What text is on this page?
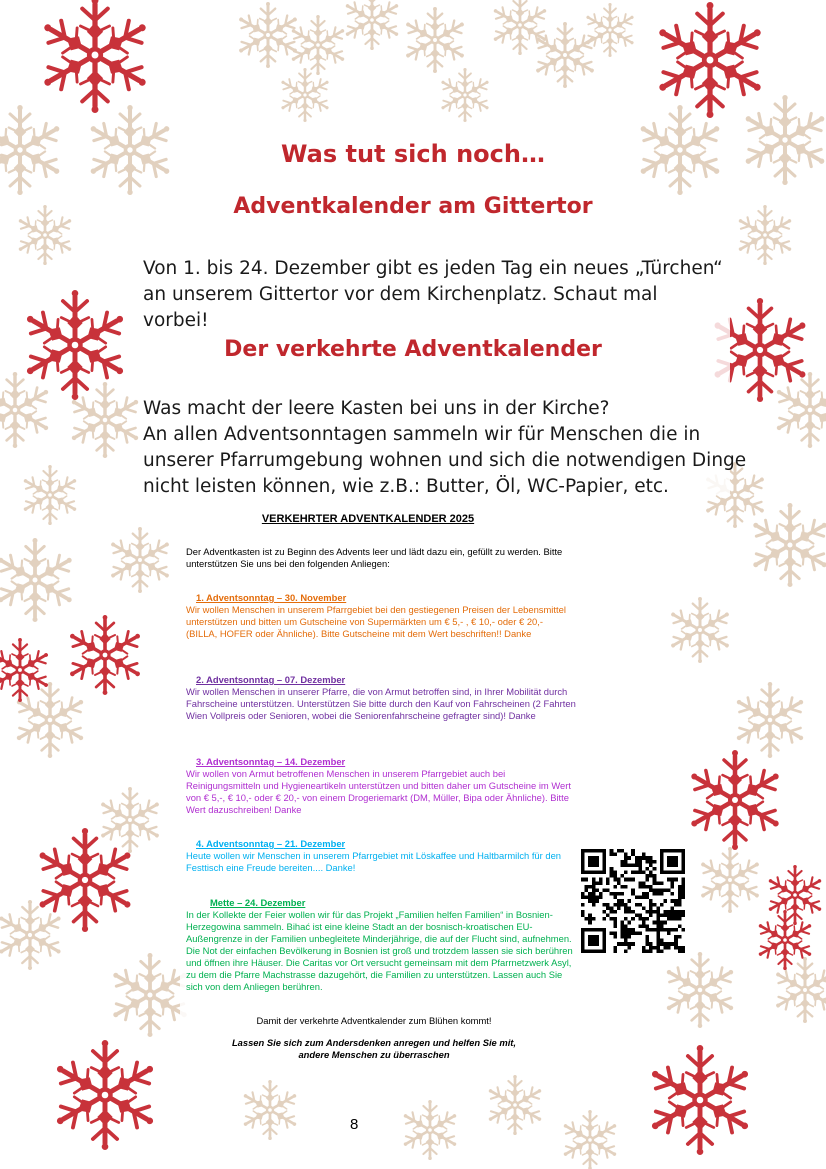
Was tut sich noch…
Adventkalender am Gittertor
Von 1. bis 24. Dezember gibt es jeden Tag ein neues „Türchen“ an unserem Gittertor vor dem Kirchenplatz. Schaut mal vorbei!
Der verkehrte Adventkalender
Was macht der leere Kasten bei uns in der Kirche?
An allen Adventsonntagen sammeln wir für Menschen die in
unserer Pfarrumgebung wohnen und sich die notwendigen Dinge
nicht leisten können, wie z.B.: Butter, Öl, WC-Papier, etc.
VERKEHRTER ADVENTKALENDER 2025
Der Adventkasten ist zu Beginn des Advents leer und lädt dazu ein, gefüllt zu werden. Bitte unterstützen Sie uns bei den folgenden Anliegen:
1. Adventsonntag – 30. November
Wir wollen Menschen in unserem Pfarrgebiet bei den gestiegenen Preisen der Lebensmittel unterstützen und bitten um Gutscheine von Supermärkten um € 5,- , € 10,- oder € 20,- (BILLA, HOFER oder Ähnliche). Bitte Gutscheine mit dem Wert beschriften!! Danke
2. Adventsonntag – 07. Dezember
Wir wollen Menschen in unserer Pfarre, die von Armut betroffen sind, in Ihrer Mobilität durch Fahrscheine unterstützen. Unterstützen Sie bitte durch den Kauf von Fahrscheinen (2 Fahrten Wien Vollpreis oder Senioren, wobei die Seniorenfahrscheine gefragter sind)! Danke
3. Adventsonntag – 14. Dezember
Wir wollen von Armut betroffenen Menschen in unserem Pfarrgebiet auch bei Reinigungsmitteln und Hygieneartikeln unterstützen und bitten daher um Gutscheine im Wert von € 5,-, € 10,- oder € 20,- von einem Drogeriemarkt (DM, Müller, Bipa oder Ähnliche). Bitte Wert dazuschreiben! Danke
4. Adventsonntag – 21. Dezember
Heute wollen wir Menschen in unserem Pfarrgebiet mit Löskaffee und Haltbarmilch für den Festtisch eine Freude bereiten.... Danke!
Mette – 24. Dezember
In der Kollekte der Feier wollen wir für das Projekt „Familien helfen Familien“ in Bosnien-Herzegowina sammeln. Bihać ist eine kleine Stadt an der bosnisch-kroatischen EU-Außengrenze in der Familien unbegleitete Minderjährige, die auf der Flucht sind, aufnehmen. Die Not der einfachen Bevölkerung in Bosnien ist groß und trotzdem lassen sie sich berühren und öffnen ihre Häuser. Die Caritas vor Ort versucht gemeinsam mit dem Pfarrnetzwerk Asyl, zu dem die Pfarre Machstrasse dazugehört, die Familien zu unterstützen. Lassen auch Sie sich von dem Anliegen berühren.
Damit der verkehrte Adventkalender zum Blühen kommt!
Lassen Sie sich zum Andersdenken anregen und helfen Sie mit,
andere Menschen zu überraschen
8
